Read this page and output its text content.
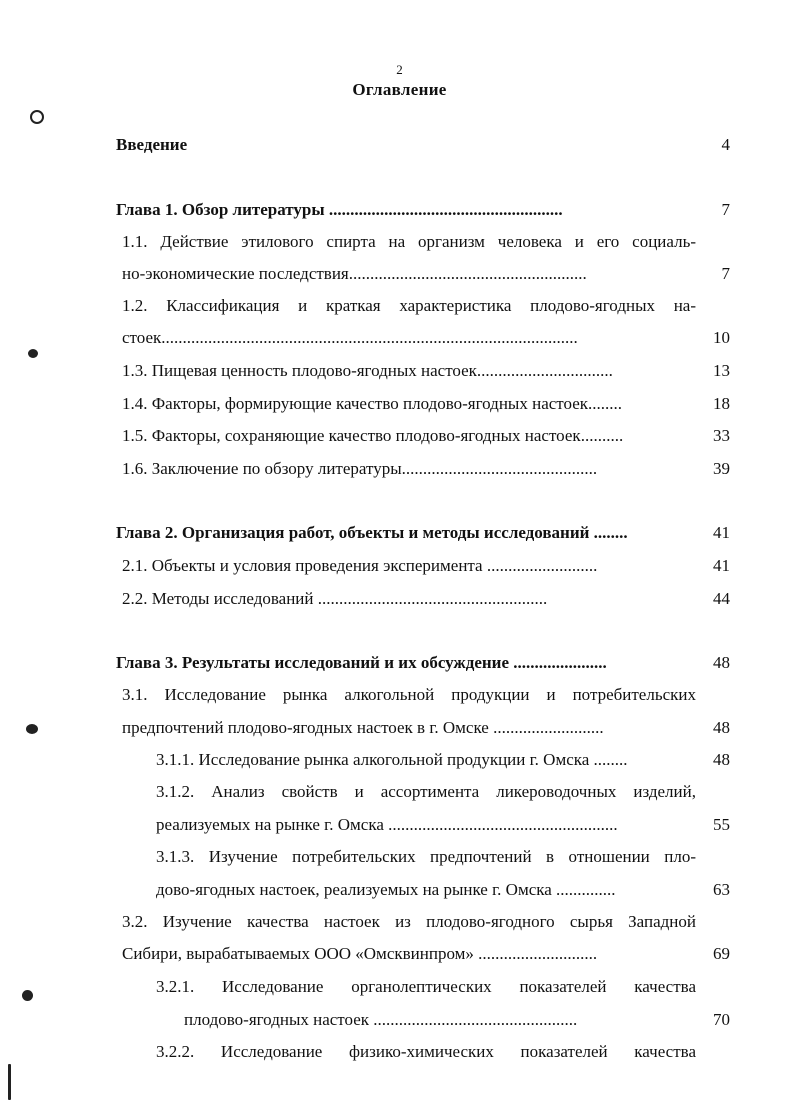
2
Оглавление
Введение	4
Глава 1. Обзор литературы .......................................................	7
1.1. Действие этилового спирта на организм человека и его социаль-
но-экономические последствия........................................................	7
1.2. Классификация и краткая характеристика плодово-ягодных на-
стоек..................................................................................................	10
1.3. Пищевая ценность плодово-ягодных настоек................................	13
1.4. Факторы, формирующие качество плодово-ягодных настоек........	18
1.5. Факторы, сохраняющие качество плодово-ягодных настоек..........	33
1.6. Заключение по обзору литературы..............................................	39
Глава 2. Организация работ, объекты и методы исследований ........	41
2.1. Объекты и условия проведения эксперимента ..........................	41
2.2. Методы исследований ......................................................	44
Глава 3. Результаты исследований и их обсуждение ......................	48
3.1. Исследование рынка алкогольной продукции и потребительских
предпочтений плодово-ягодных настоек в г. Омске ..........................	48
3.1.1. Исследование рынка алкогольной продукции г. Омска ........	48
3.1.2. Анализ свойств и ассортимента ликероводочных изделий,
реализуемых на рынке г. Омска ......................................................	55
3.1.3. Изучение потребительских предпочтений в отношении пло-
дово-ягодных настоек, реализуемых на рынке г. Омска ..............	63
3.2. Изучение качества настоек из плодово-ягодного сырья Западной
Сибири, вырабатываемых ООО «Омсквинпром» ............................	69
3.2.1. Исследование органолептических показателей качества
плодово-ягодных настоек ................................................	70
3.2.2. Исследование физико-химических показателей качества
